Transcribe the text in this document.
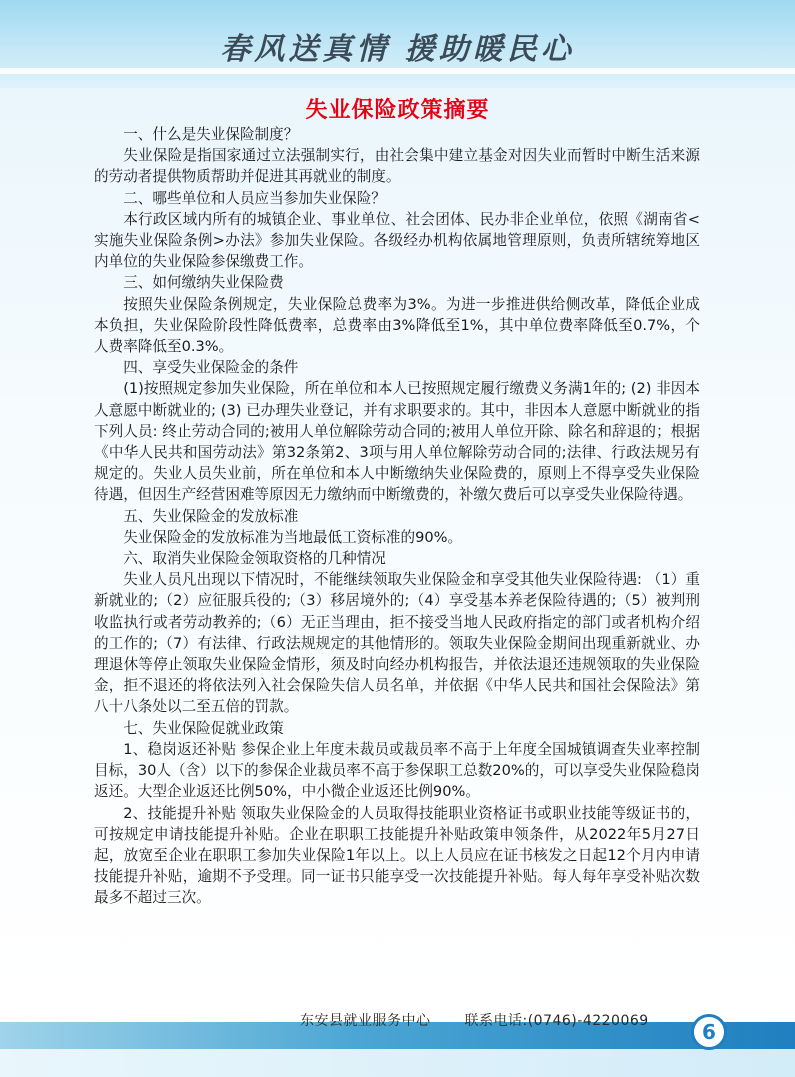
春风送真情 援助暖民心
失业保险政策摘要

一、什么是失业保险制度？

失业保险是指国家通过立法强制实行，由社会集中建立基金对因失业而暂时中断生活来源的劳动者提供物质帮助并促进其再就业的制度。

二、哪些单位和人员应当参加失业保险？

本行政区域内所有的城镇企业、事业单位、社会团体、民办非企业单位，依照《湖南省<实施失业保险条例>办法》参加失业保险。各级经办机构依属地管理原则，负责所辖统筹地区内单位的失业保险参保缴费工作。

三、如何缴纳失业保险费

按照失业保险条例规定，失业保险总费率为3%。为进一步推进供给侧改革，降低企业成本负担，失业保险阶段性降低费率，总费率由3%降低至1%，其中单位费率降低至0.7%，个人费率降低至0.3%。

四、享受失业保险金的条件

(1)按照规定参加失业保险，所在单位和本人已按照规定履行缴费义务满1年的; (2) 非因本人意愿中断就业的; (3) 已办理失业登记，并有求职要求的。其中，非因本人意愿中断就业的指下列人员: 终止劳动合同的;被用人单位解除劳动合同的;被用人单位开除、除名和辞退的；根据《中华人民共和国劳动法》第32条第2、3项与用人单位解除劳动合同的;法律、行政法规另有规定的。失业人员失业前，所在单位和本人中断缴纳失业保险费的，原则上不得享受失业保险待遇，但因生产经营困难等原因无力缴纳而中断缴费的，补缴欠费后可以享受失业保险待遇。

五、失业保险金的发放标准

失业保险金的发放标准为当地最低工资标准的90%。

六、取消失业保险金领取资格的几种情况

失业人员凡出现以下情况时，不能继续领取失业保险金和享受其他失业保险待遇: （1）重新就业的;（2）应征服兵役的;（3）移居境外的;（4）享受基本养老保险待遇的;（5）被判刑收监执行或者劳动教养的;（6）无正当理由，拒不接受当地人民政府指定的部门或者机构介绍的工作的;（7）有法律、行政法规规定的其他情形的。领取失业保险金期间出现重新就业、办理退休等停止领取失业保险金情形，须及时向经办机构报告，并依法退还违规领取的失业保险金，拒不退还的将依法列入社会保险失信人员名单，并依据《中华人民共和国社会保险法》第八十八条处以二至五倍的罚款。

七、失业保险促就业政策

1、稳岗返还补贴 参保企业上年度未裁员或裁员率不高于上年度全国城镇调查失业率控制目标，30人（含）以下的参保企业裁员率不高于参保职工总数20%的，可以享受失业保险稳岗返还。大型企业返还比例50%，中小微企业返还比例90%。

2、技能提升补贴 领取失业保险金的人员取得技能职业资格证书或职业技能等级证书的，可按规定申请技能提升补贴。企业在职职工技能提升补贴政策申领条件，从2022年5月27日起，放宽至企业在职职工参加失业保险1年以上。以上人员应在证书核发之日起12个月内申请技能提升补贴，逾期不予受理。同一证书只能享受一次技能提升补贴。每人每年享受补贴次数最多不超过三次。

东安县就业服务中心 联系电话:(0746)-4220069	6
